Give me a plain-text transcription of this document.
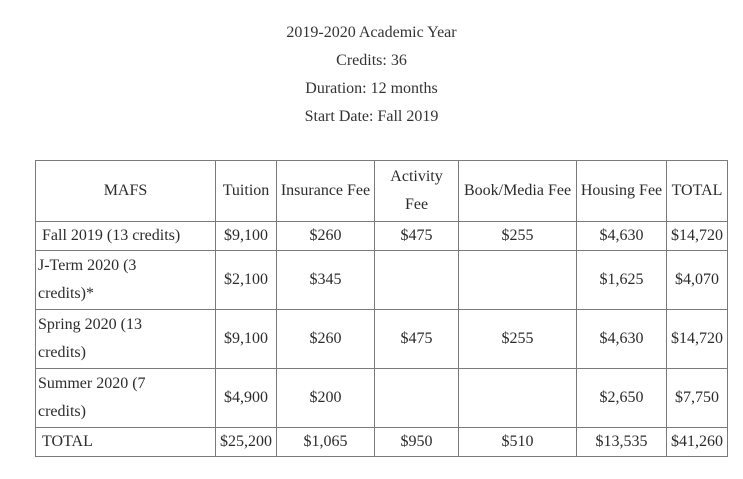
2019-2020 Academic Year
Credits: 36
Duration: 12 months
Start Date: Fall 2019
MAFS	Tuition	Insurance Fee	Activity Fee	Book/Media Fee	Housing Fee	TOTAL
Fall 2019 (13 credits)	$9,100	$260	$475	$255	$4,630	$14,720

J-Term 2020 (3
credits)*	$2,100	$345			$1,625	$4,070

Spring 2020 (13
credits)	$9,100	$260	$475	$255	$4,630	$14,720

Summer 2020 (7
credits)	$4,900	$200			$2,650	$7,750
TOTAL	$25,200	$1,065	$950	$510	$13,535	$41,260
